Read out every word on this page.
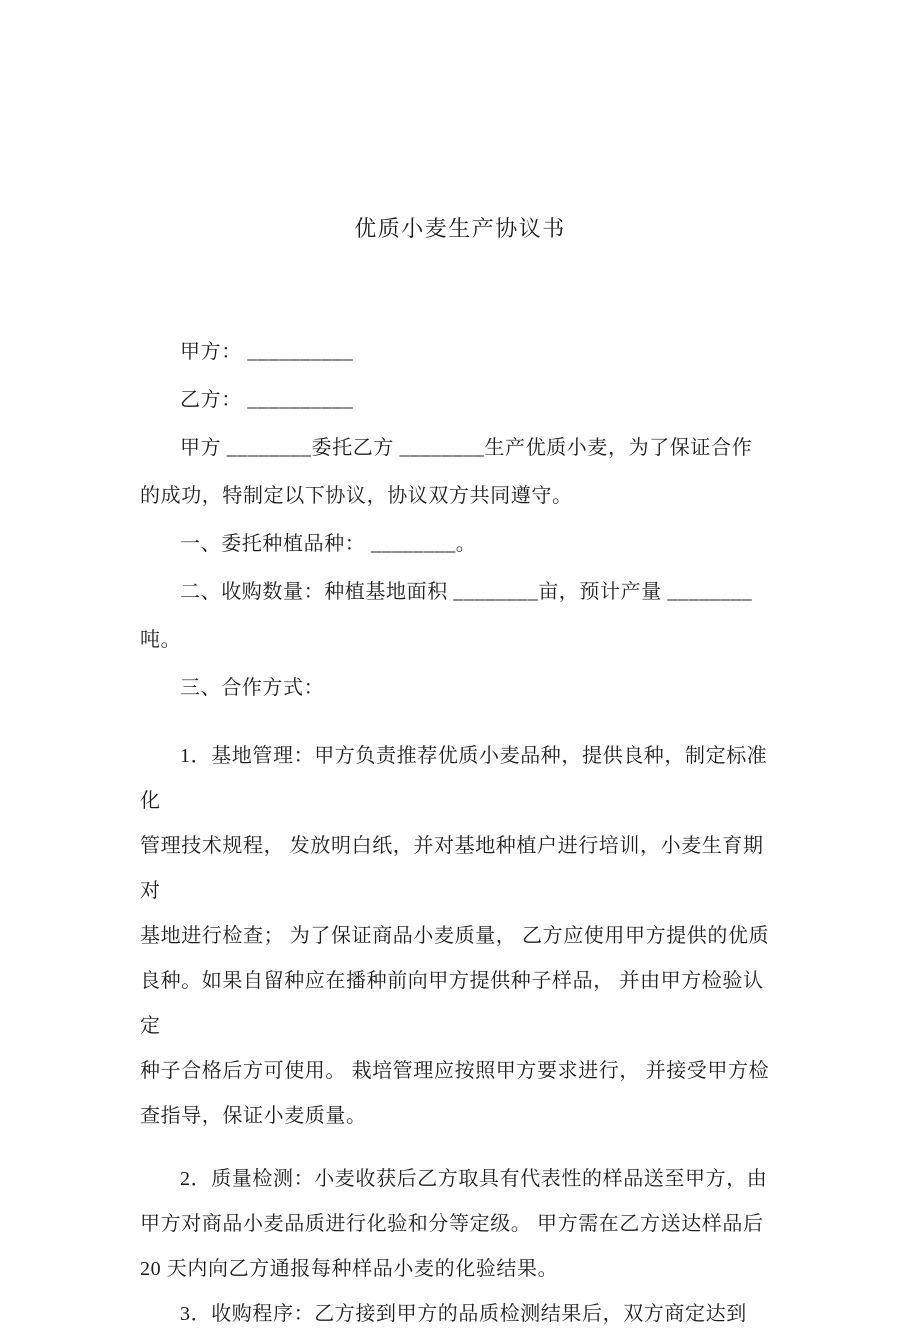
优质小麦生产协议书
甲方： __________
乙方： __________
甲方 ________委托乙方 ________生产优质小麦，为了保证合作
的成功，特制定以下协议，协议双方共同遵守。
一、委托种植品种： ________。
二、收购数量：种植基地面积 ________亩，预计产量 ________
吨。
三、合作方式：
1．基地管理：甲方负责推荐优质小麦品种，提供良种，制定标准化
管理技术规程， 发放明白纸，并对基地种植户进行培训，小麦生育期对
基地进行检查； 为了保证商品小麦质量， 乙方应使用甲方提供的优质
良种。如果自留种应在播种前向甲方提供种子样品， 并由甲方检验认定
种子合格后方可使用。 栽培管理应按照甲方要求进行， 并接受甲方检
查指导，保证小麦质量。
2．质量检测：小麦收获后乙方取具有代表性的样品送至甲方，由
甲方对商品小麦品质进行化验和分等定级。 甲方需在乙方送达样品后
20 天内向乙方通报每种样品小麦的化验结果。
3．收购程序：乙方接到甲方的品质检测结果后，双方商定达到
